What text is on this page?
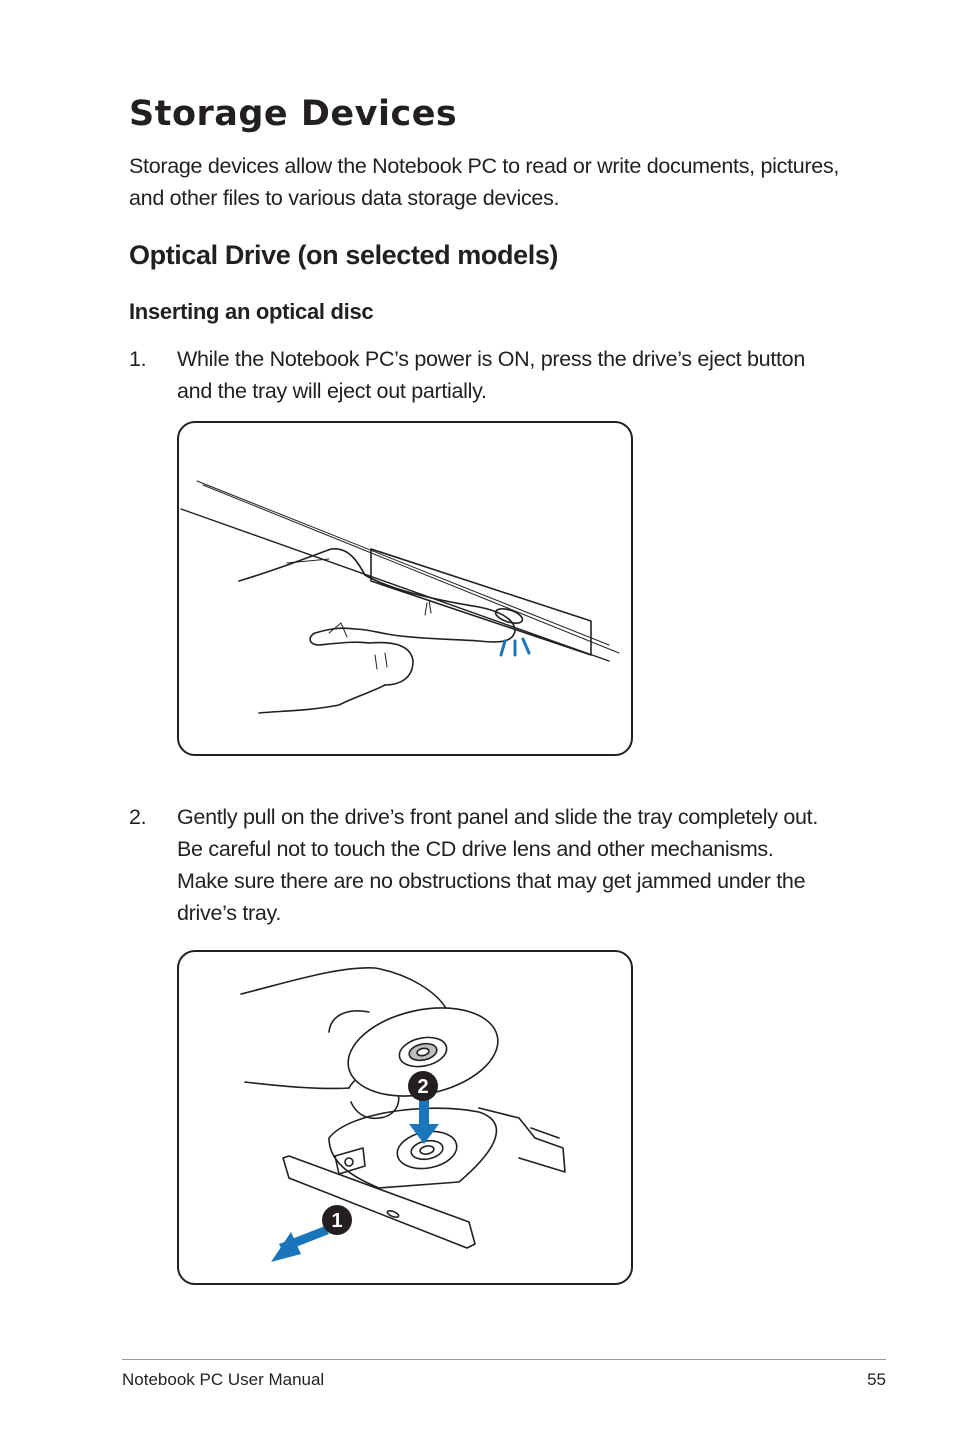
Storage Devices

Storage devices allow the Notebook PC to read or write documents, pictures, and other files to various data storage devices.

Optical Drive (on selected models)
Inserting an optical disc
1. While the Notebook PC’s power is ON, press the drive’s eject button and the tray will eject out partially.
2. Gently pull on the drive’s front panel and slide the tray completely out. Be careful not to touch the CD drive lens and other mechanisms. Make sure there are no obstructions that may get jammed under the drive’s tray.
2
1
Notebook PC User Manual	55
